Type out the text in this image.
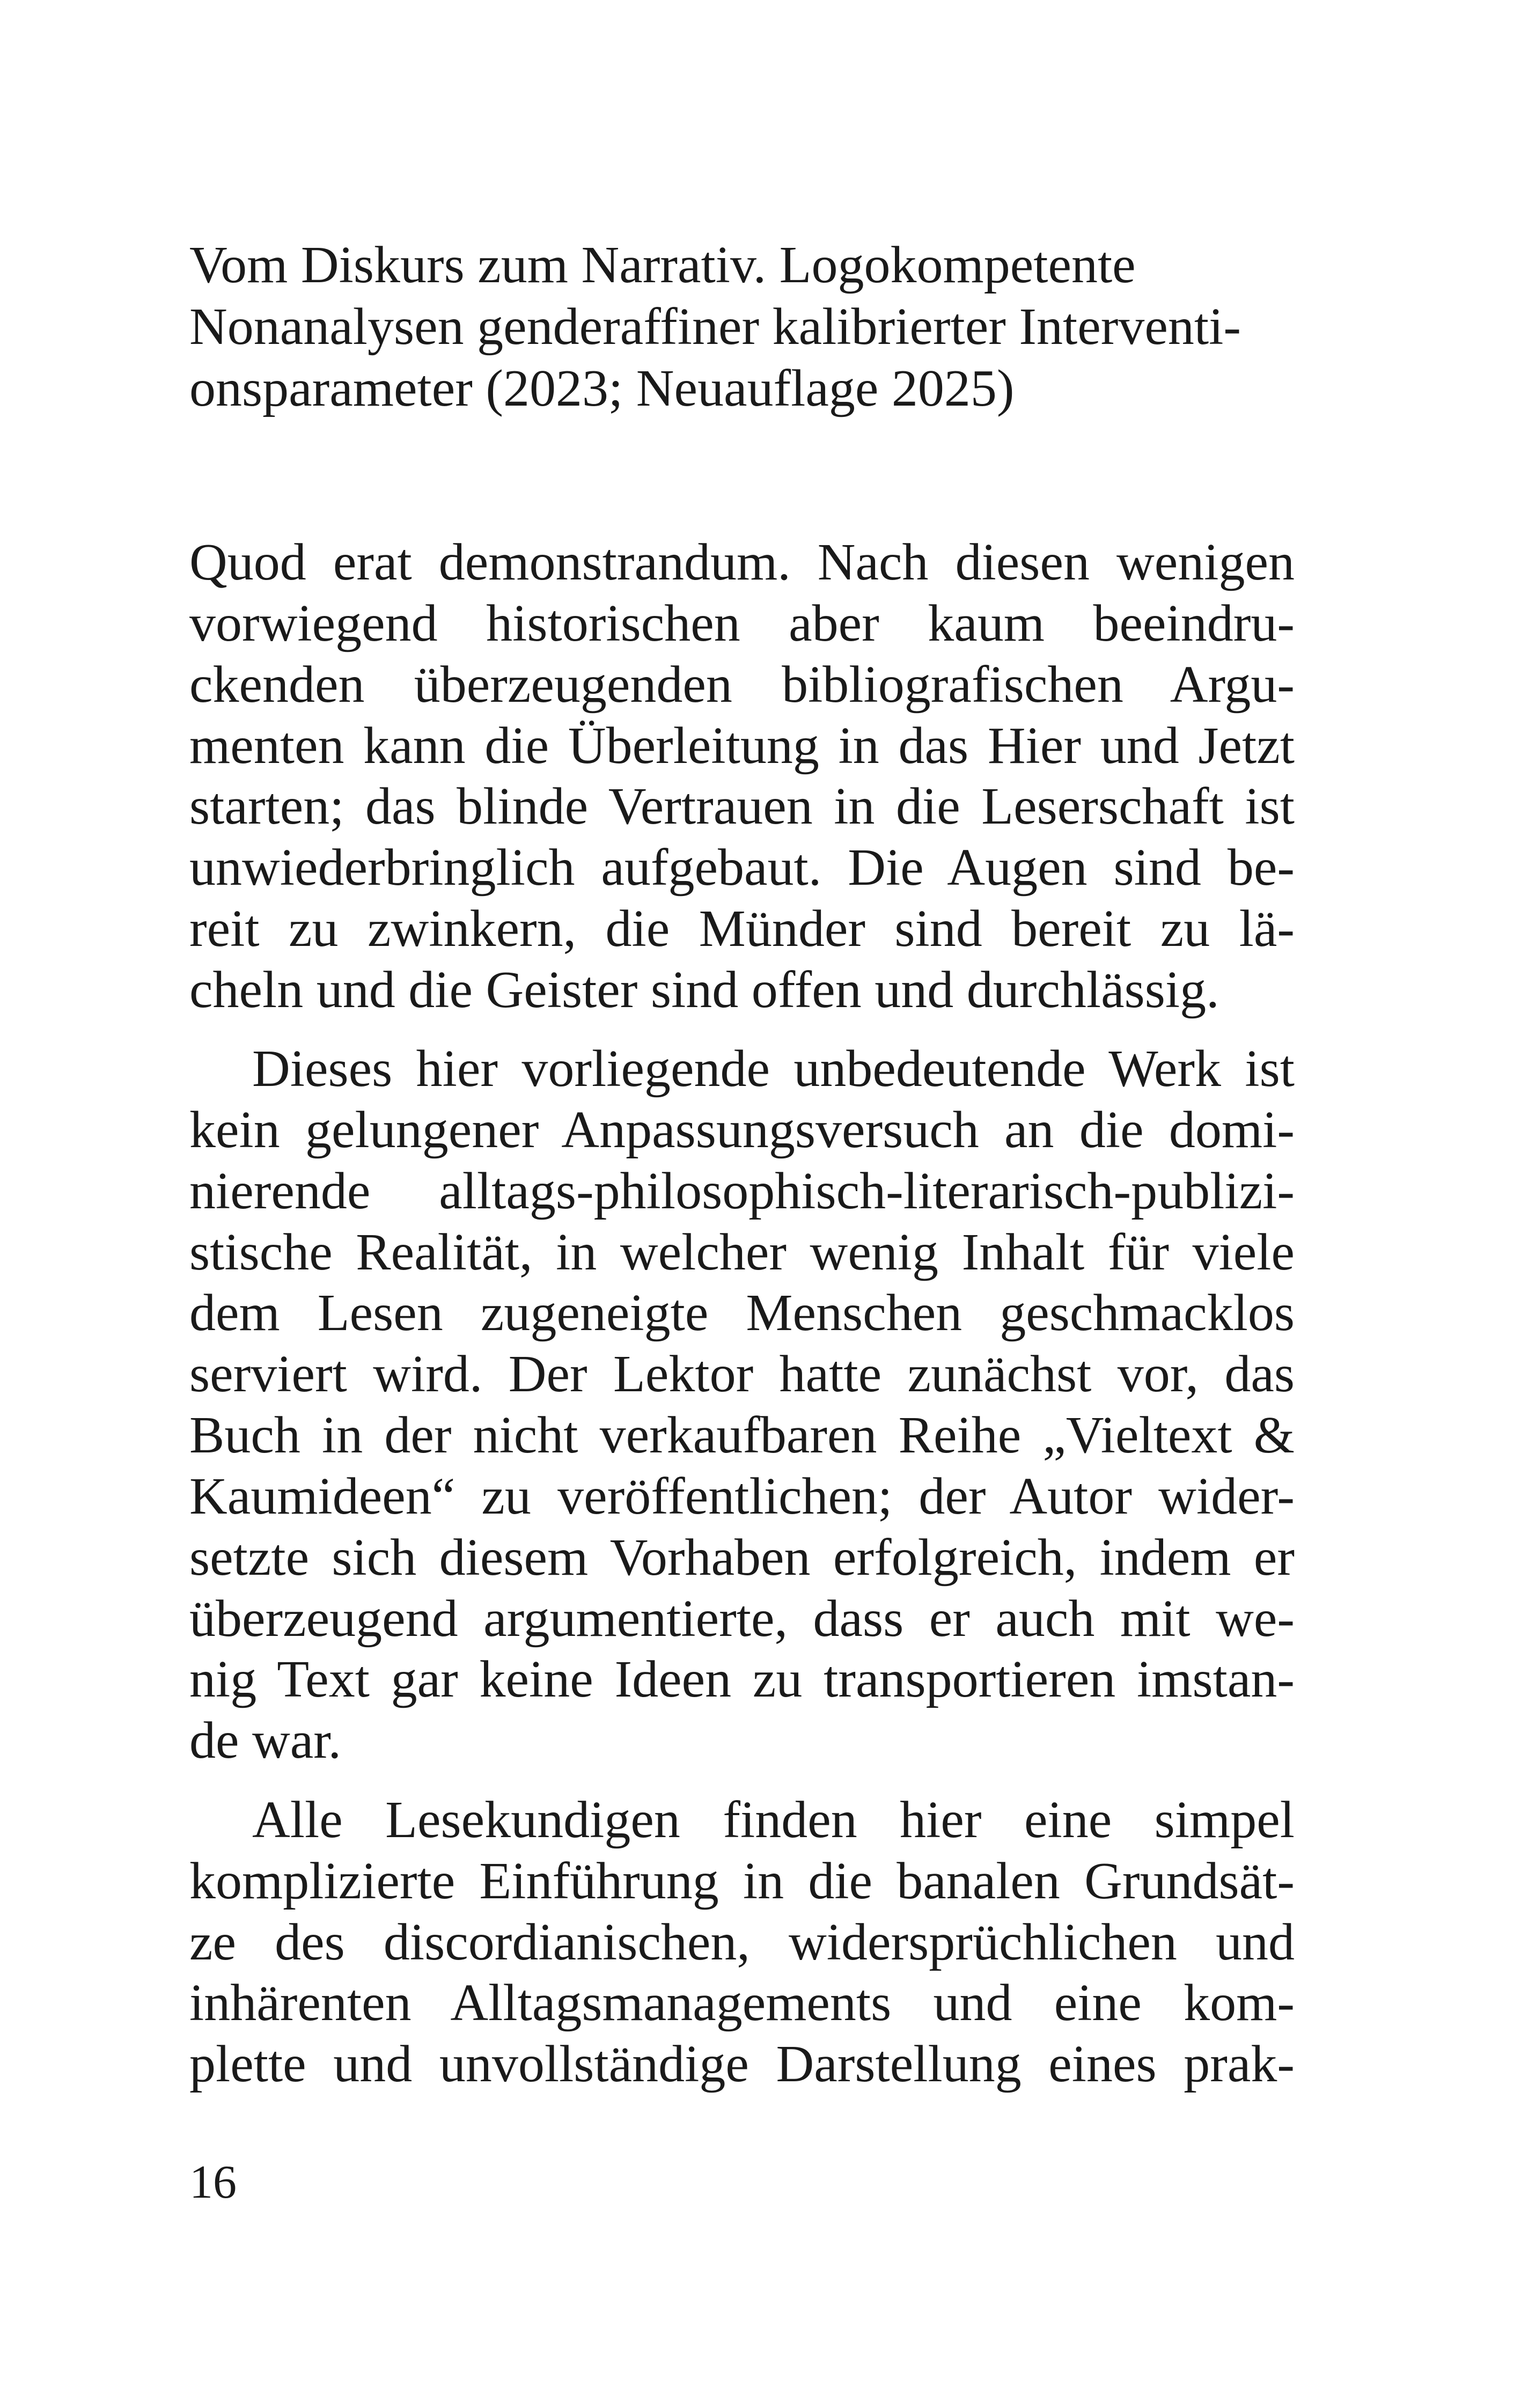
Vom Diskurs zum Narrativ. Logokompetente

Nonanalysen genderaffiner kalibrierter Interventi-

onsparameter (2023; Neuauflage 2025)

Quod erat demonstrandum. Nach diesen wenigen

vorwiegend historischen aber kaum beeindru-

ckenden überzeugenden bibliografischen Argu-

menten kann die Überleitung in das Hier und Jetzt

starten; das blinde Vertrauen in die Leserschaft ist

unwiederbringlich aufgebaut. Die Augen sind be-

reit zu zwinkern, die Münder sind bereit zu lä-

cheln und die Geister sind offen und durchlässig.

Dieses hier vorliegende unbedeutende Werk ist

kein gelungener Anpassungsversuch an die domi-

nierende alltags-philosophisch-literarisch-publizi-

stische Realität, in welcher wenig Inhalt für viele

dem Lesen zugeneigte Menschen geschmacklos

serviert wird. Der Lektor hatte zunächst vor, das

Buch in der nicht verkaufbaren Reihe „Vieltext &

Kaumideen“ zu veröffentlichen; der Autor wider-

setzte sich diesem Vorhaben erfolgreich, indem er

überzeugend argumentierte, dass er auch mit we-

nig Text gar keine Ideen zu transportieren imstan-

de war.

Alle Lesekundigen finden hier eine simpel

komplizierte Einführung in die banalen Grundsät-

ze des discordianischen, widersprüchlichen und

inhärenten Alltagsmanagements und eine kom-

plette und unvollständige Darstellung eines prak-

16
